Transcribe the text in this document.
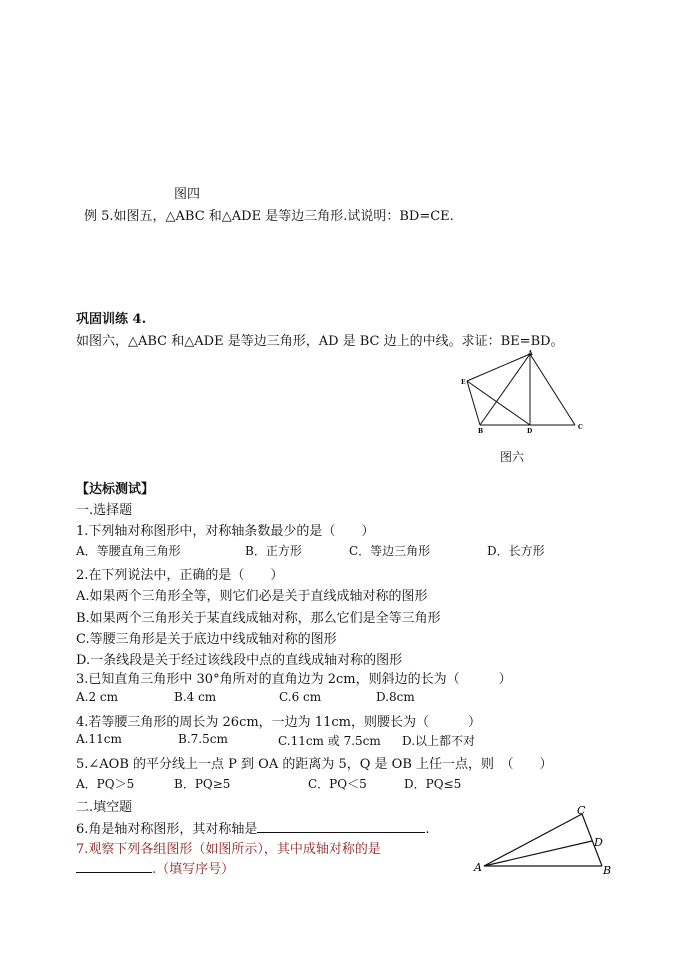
图四
例 5.如图五，△ABC 和△ADE 是等边三角形.试说明：BD=CE.
巩固训练 4.
如图六，△ABC 和△ADE 是等边三角形，AD 是 BC 边上的中线。求证：BE=BD。
A
E
B	D
C
图六
【达标测试】
一.选择题
1.下列轴对称图形中，对称轴条数最少的是（　　）
A．等腰直角三角形	B．正方形	C．等边三角形	D．长方形
2.在下列说法中，正确的是（　　）
A.如果两个三角形全等，则它们必是关于直线成轴对称的图形
B.如果两个三角形关于某直线成轴对称，那么它们是全等三角形
C.等腰三角形是关于底边中线成轴对称的图形
D.一条线段是关于经过该线段中点的直线成轴对称的图形
3.已知直角三角形中 30°角所对的直角边为 2cm，则斜边的长为（　　　）
A.2 cm	B.4 cm	C.6 cm	D.8cm
4.若等腰三角形的周长为 26cm，一边为 11cm，则腰长为（　　　）
A.11cm	B.7.5cm	C.11cm 或 7.5cm D.以上都不对
5.∠AOB 的平分线上一点 P 到 OA 的距离为 5，Q 是 OB 上任一点，则　（　　）
A．PQ＞5	B．PQ≥5	C．PQ＜5	D．PQ≤5
二.填空题
6.角是轴对称图形，其对称轴是	.
7.观察下列各组图形（如图所示），其中成轴对称的是
.（填写序号）	A
C
D
B
